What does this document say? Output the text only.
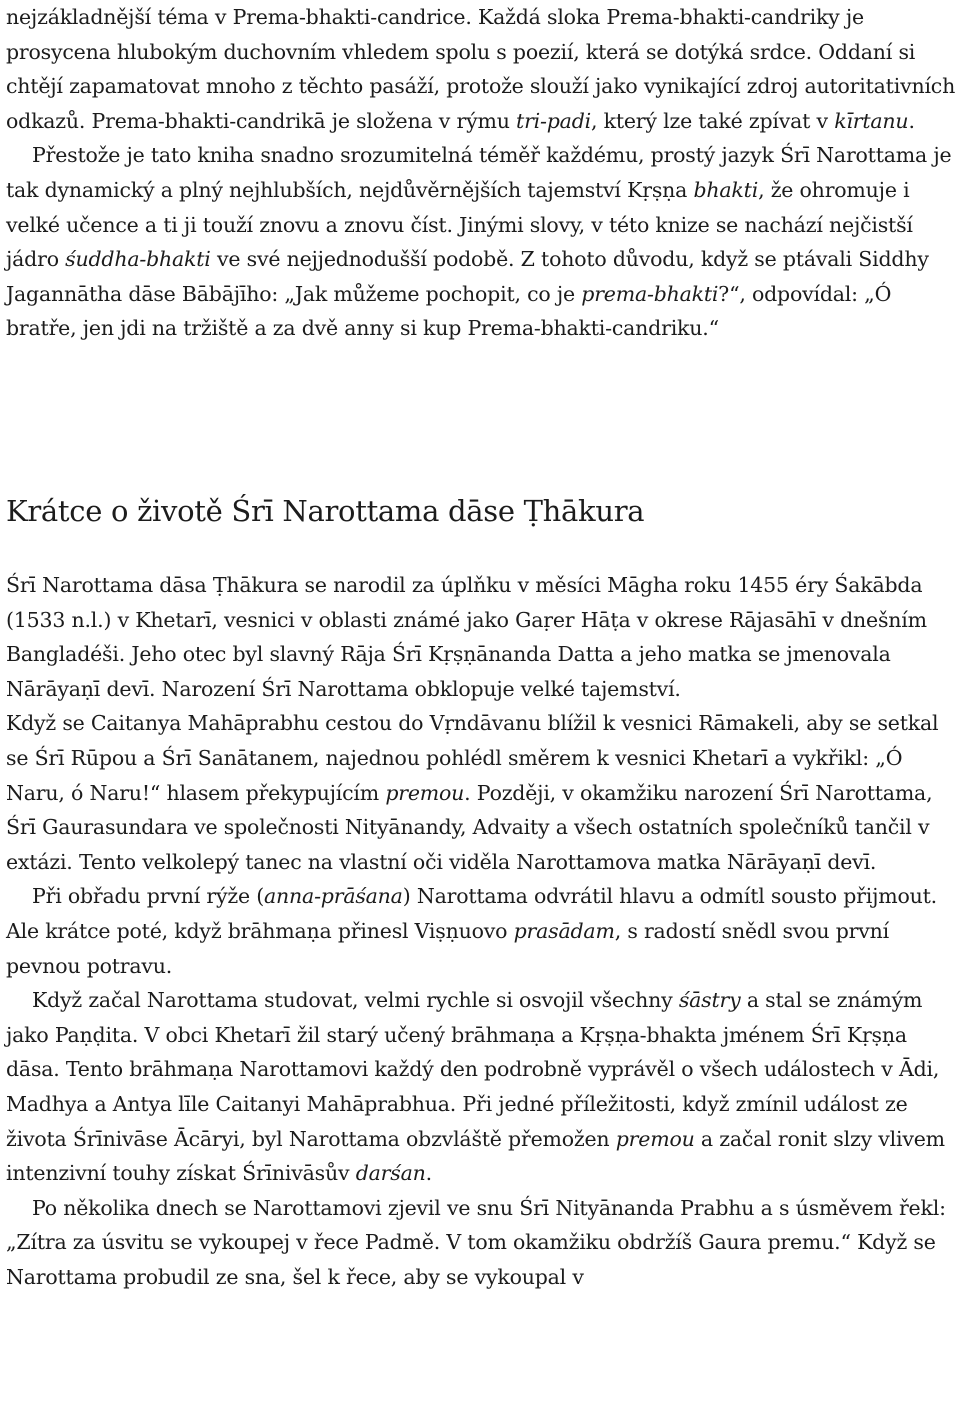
nejzákladnější téma v Prema-bhakti-candrice. Každá sloka Prema-bhakti-candriky je prosycena hlubokým duchovním vhledem spolu s poezií, která se dotýká srdce. Oddaní si chtějí zapamatovat mnoho z těchto pasáží, protože slouží jako vynikající zdroj autoritativních odkazů. Prema-bhakti-candrikā je složena v rýmu tri-padi, který lze také zpívat v kīrtanu.

Přestože je tato kniha snadno srozumitelná téměř každému, prostý jazyk Śrī Narottama je tak dynamický a plný nejhlubších, nejdůvěrnějších tajemství Kṛṣṇa bhakti, že ohromuje i velké učence a ti ji touží znovu a znovu číst. Jinými slovy, v této knize se nachází nejčistší jádro śuddha-bhakti ve své nejjednodušší podobě. Z tohoto důvodu, když se ptávali Siddhy Jagannātha dāse Bābājīho: „Jak můžeme pochopit, co je prema-bhakti?“, odpovídal: „Ó bratře, jen jdi na tržiště a za dvě anny si kup Prema-bhakti-candriku.“

Krátce o životě Śrī Narottama dāse Ṭhākura

Śrī Narottama dāsa Ṭhākura se narodil za úplňku v měsíci Māgha roku 1455 éry Śakābda (1533 n.l.) v Khetarī, vesnici v oblasti známé jako Gaṛer Hāṭa v okrese Rājasāhī v dnešním Bangladéši. Jeho otec byl slavný Rāja Śrī Kṛṣṇānanda Datta a jeho matka se jmenovala Nārāyaṇī devī. Narození Śrī Narottama obklopuje velké tajemství.

Když se Caitanya Mahāprabhu cestou do Vṛndāvanu blížil k vesnici Rāmakeli, aby se setkal se Śrī Rūpou a Śrī Sanātanem, najednou pohlédl směrem k vesnici Khetarī a vykřikl: „Ó Naru, ó Naru!“ hlasem překypujícím premou. Později, v okamžiku narození Śrī Narottama, Śrī Gaurasundara ve společnosti Nityānandy, Advaity a všech ostatních společníků tančil v extázi. Tento velkolepý tanec na vlastní oči viděla Narottamova matka Nārāyaṇī devī.

Při obřadu první rýže (anna-prāśana) Narottama odvrátil hlavu a odmítl sousto přijmout. Ale krátce poté, když brāhmaṇa přinesl Viṣṇuovo prasādam, s radostí snědl svou první pevnou potravu.

Když začal Narottama studovat, velmi rychle si osvojil všechny śāstry a stal se známým jako Paṇḍita. V obci Khetarī žil starý učený brāhmaṇa a Kṛṣṇa-bhakta jménem Śrī Kṛṣṇa dāsa. Tento brāhmaṇa Narottamovi každý den podrobně vyprávěl o všech událostech v Ādi, Madhya a Antya līle Caitanyi Mahāprabhua. Při jedné příležitosti, když zmínil událost ze života Śrīnivāse Ācāryi, byl Narottama obzvláště přemožen premou a začal ronit slzy vlivem intenzivní touhy získat Śrīnivāsův darśan.

Po několika dnech se Narottamovi zjevil ve snu Śrī Nityānanda Prabhu a s úsměvem řekl: „Zítra za úsvitu se vykoupej v řece Padmě. V tom okamžiku obdržíš Gaura premu.“ Když se Narottama probudil ze sna, šel k řece, aby se vykoupal v
